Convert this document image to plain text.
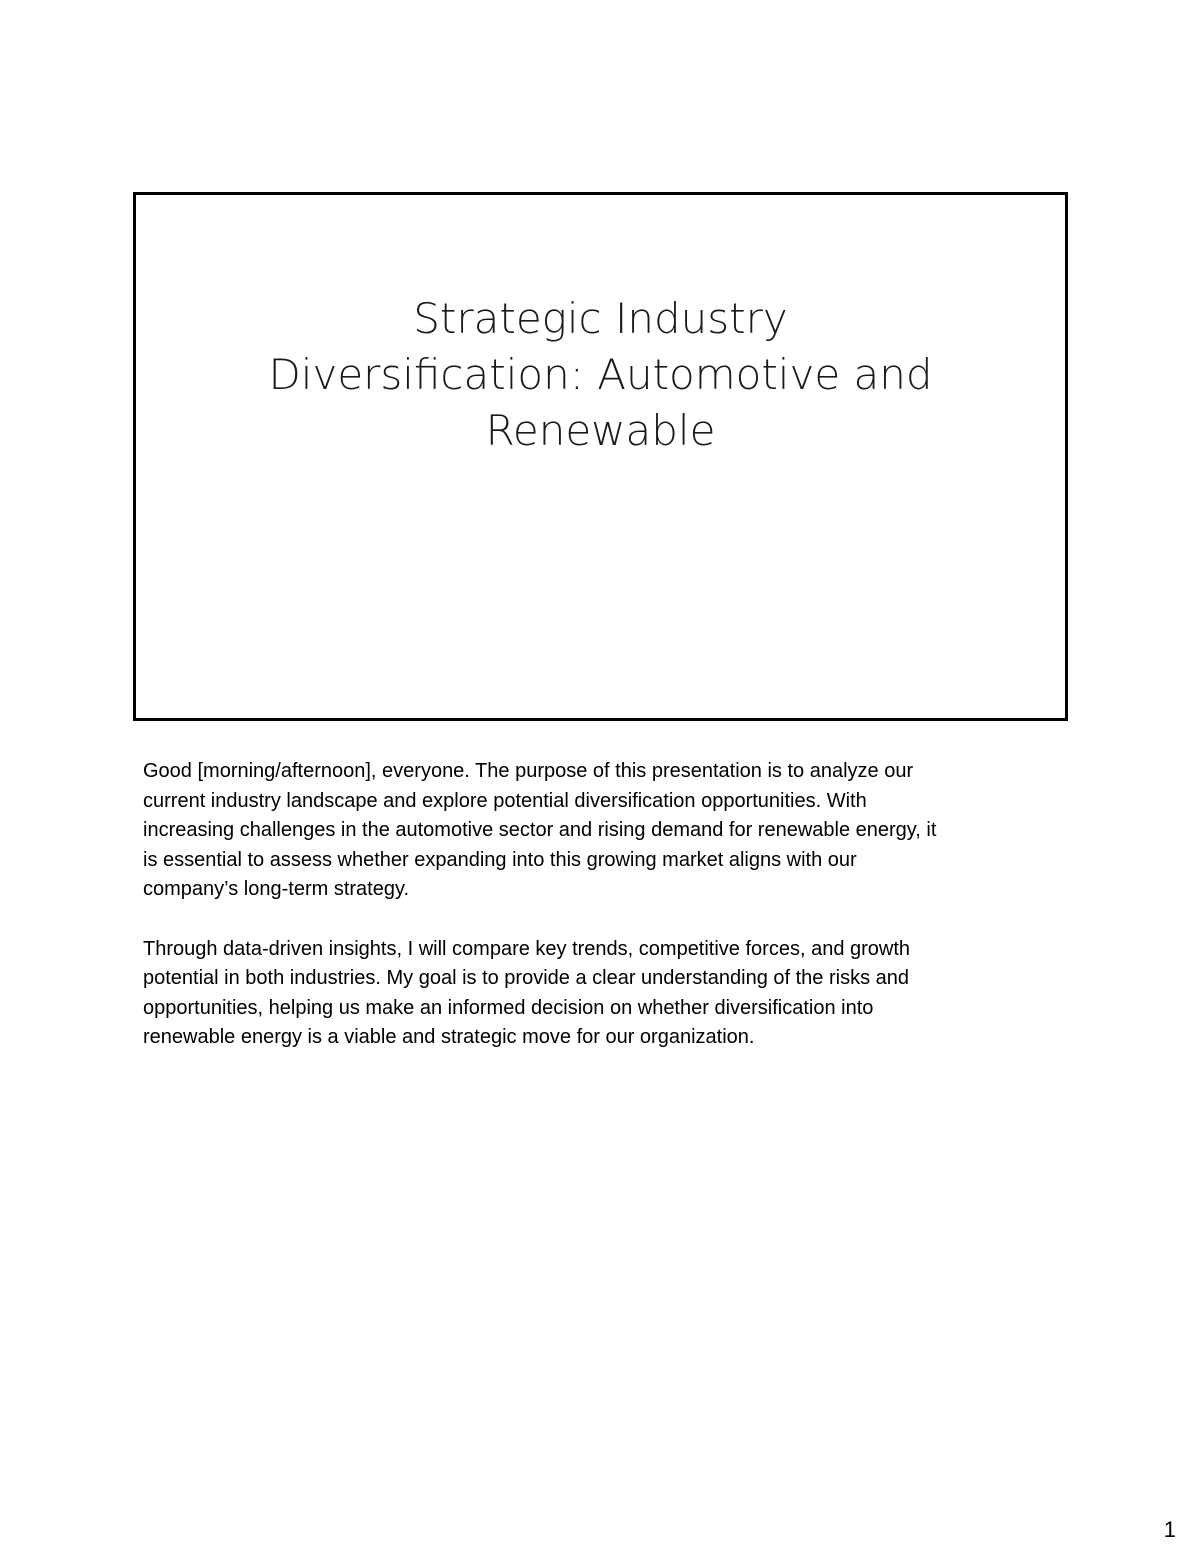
Strategic Industry
Diversification: Automotive and
Renewable

Good [morning/afternoon], everyone. The purpose of this presentation is to analyze our
current industry landscape and explore potential diversification opportunities. With
increasing challenges in the automotive sector and rising demand for renewable energy, it
is essential to assess whether expanding into this growing market aligns with our
company’s long-term strategy.

Through data-driven insights, I will compare key trends, competitive forces, and growth
potential in both industries. My goal is to provide a clear understanding of the risks and
opportunities, helping us make an informed decision on whether diversification into
renewable energy is a viable and strategic move for our organization.

1
